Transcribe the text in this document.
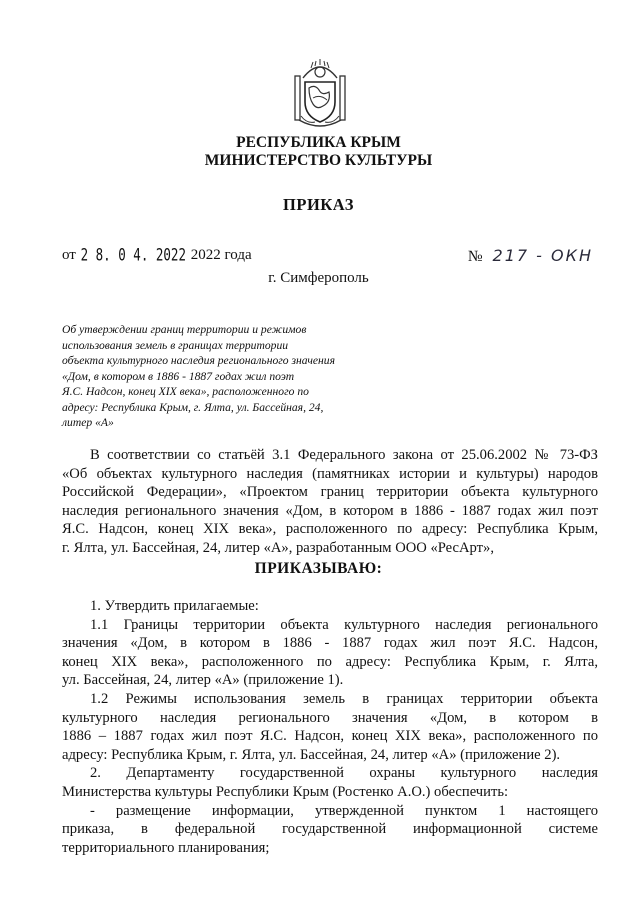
РЕСПУБЛИКА КРЫМ
МИНИСТЕРСТВО КУЛЬТУРЫ
ПРИКАЗ
от 2 8. 0 4. 2022 2022 года	№ 217 - ОКН
г. Симферополь
Об утверждении границ территории и режимов
использования земель в границах территории
объекта культурного наследия регионального значения
«Дом, в котором в 1886 - 1887 годах жил поэт
Я.С. Надсон, конец XIX века», расположенного по
адресу: Республика Крым, г. Ялта, ул. Бассейная, 24,
литер «А»
В соответствии со статьёй 3.1 Федерального закона от 25.06.2002 № 73-ФЗ
«Об объектах культурного наследия (памятниках истории и культуры) народов
Российской Федерации», «Проектом границ территории объекта культурного
наследия регионального значения «Дом, в котором в 1886 - 1887 годах жил поэт
Я.С. Надсон, конец XIX века», расположенного по адресу: Республика Крым,
г. Ялта, ул. Бассейная, 24, литер «А», разработанным ООО «РесАрт»,
ПРИКАЗЫВАЮ:
1. Утвердить прилагаемые:
1.1 Границы территории объекта культурного наследия регионального
значения «Дом, в котором в 1886 - 1887 годах жил поэт Я.С. Надсон,
конец XIX века», расположенного по адресу: Республика Крым, г. Ялта,
ул. Бассейная, 24, литер «А» (приложение 1).
1.2 Режимы использования земель в границах территории объекта
культурного наследия регионального значения «Дом, в котором в
1886 – 1887 годах жил поэт Я.С. Надсон, конец XIX века», расположенного по
адресу: Республика Крым, г. Ялта, ул. Бассейная, 24, литер «А» (приложение 2).
2. Департаменту государственной охраны культурного наследия
Министерства культуры Республики Крым (Ростенко А.О.) обеспечить:
- размещение информации, утвержденной пунктом 1 настоящего
приказа, в федеральной государственной информационной системе
территориального планирования;
